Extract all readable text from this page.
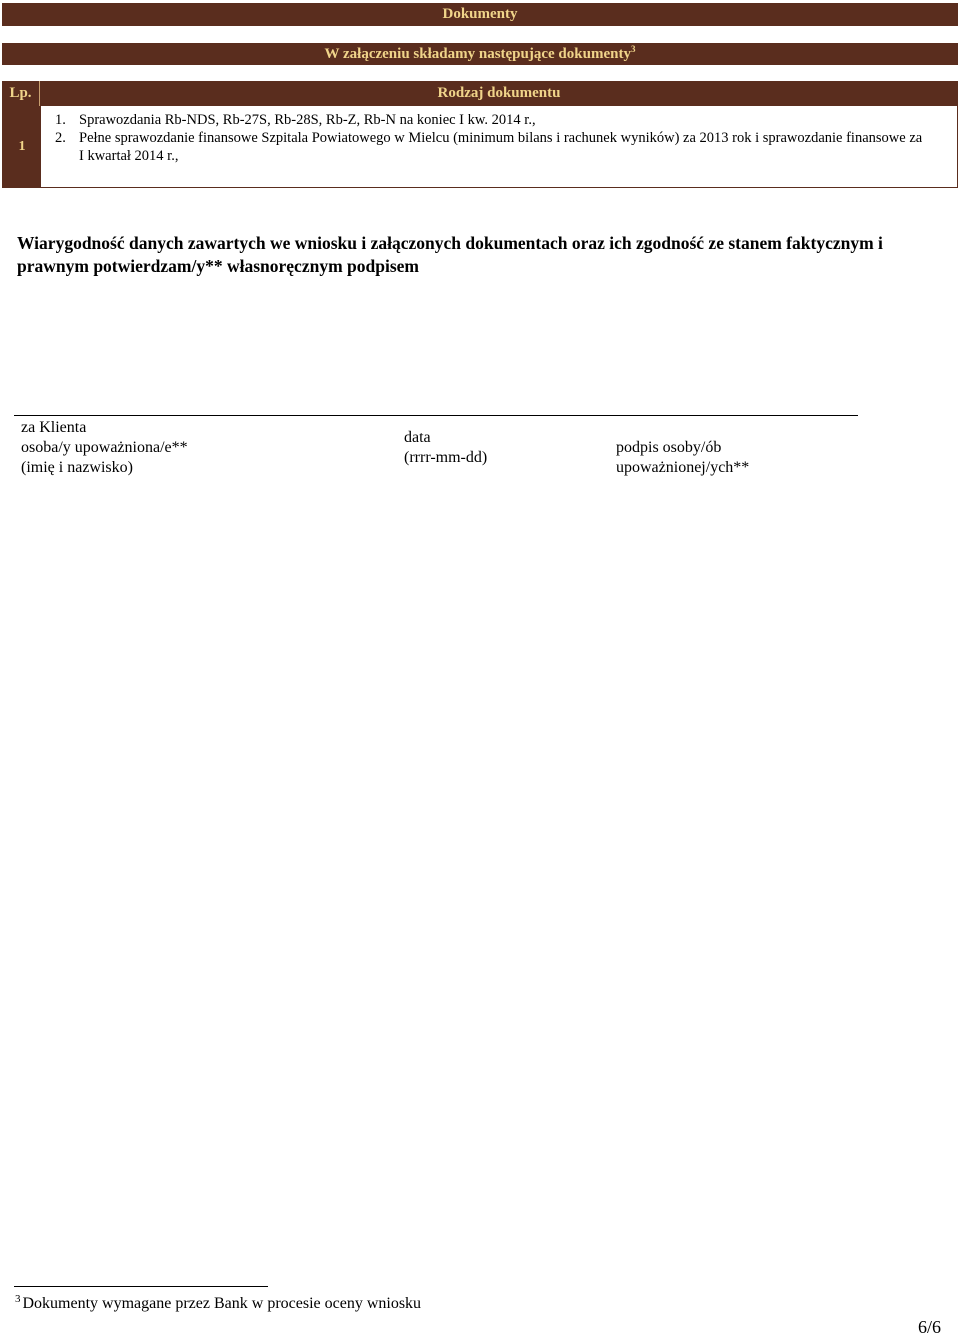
Dokumenty
W załączeniu składamy następujące dokumenty$^3$
Lp.	Rodzaj dokumentu
1
1. Sprawozdania Rb-NDS, Rb-27S, Rb-28S, Rb-Z, Rb-N na koniec I kw. 2014 r.,
2. Pełne sprawozdanie finansowe Szpitala Powiatowego w Mielcu (minimum bilans i rachunek wyników) za 2013 rok i sprawozdanie finansowe za I kwartał 2014 r.,
Wiarygodność danych zawartych we wniosku i załączonych dokumentach oraz ich zgodność ze stanem faktycznym i prawnym potwierdzam/y** własnoręcznym podpisem
za Klienta
osoba/y upoważniona/e**
(imię i nazwisko)
data
(rrrr-mm-dd)
podpis osoby/ób
upoważnionej/ych**
$^3$ Dokumenty wymagane przez Bank w procesie oceny wniosku
6/6
